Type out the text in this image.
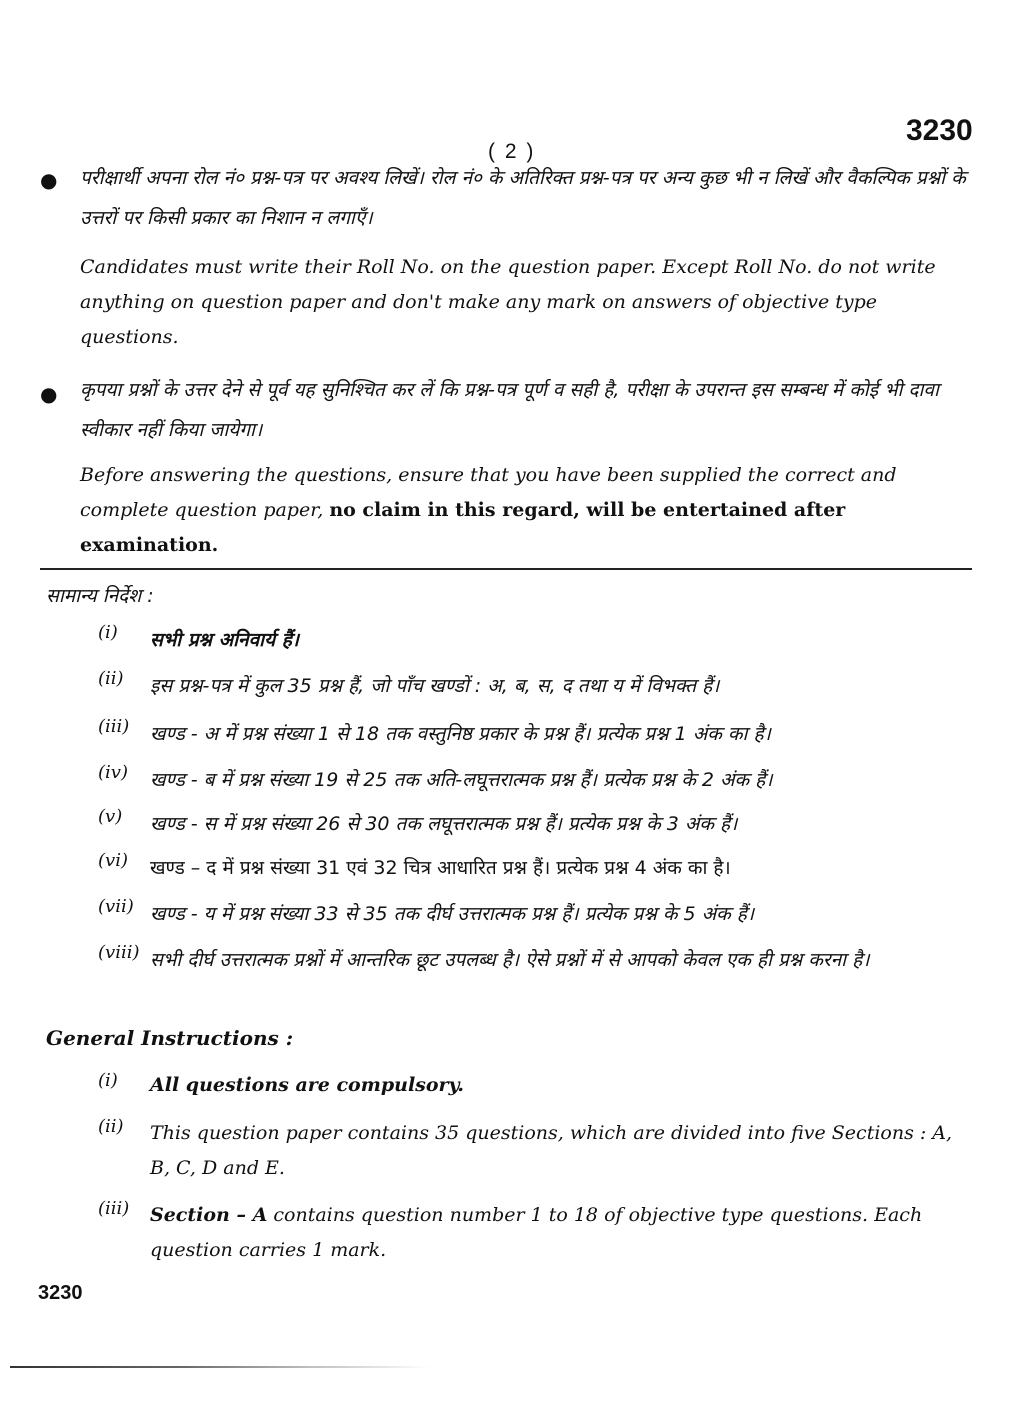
( 2 )
3230
● परीक्षार्थी अपना रोल नं० प्रश्न-पत्र पर अवश्य लिखें। रोल नं० के अतिरिक्त प्रश्न-पत्र पर अन्य कुछ भी न लिखें और वैकल्पिक प्रश्नों के उत्तरों पर किसी प्रकार का निशान न लगाएँ।
Candidates must write their Roll No. on the question paper. Except Roll No. do not write anything on question paper and don't make any mark on answers of objective type questions.
● कृपया प्रश्नों के उत्तर देने से पूर्व यह सुनिश्चित कर लें कि प्रश्न-पत्र पूर्ण व सही है, परीक्षा के उपरान्त इस सम्बन्ध में कोई भी दावा स्वीकार नहीं किया जायेगा।
Before answering the questions, ensure that you have been supplied the correct and complete question paper, no claim in this regard, will be entertained after examination.
सामान्य निर्देश :
(i)	सभी प्रश्न अनिवार्य हैं।
(ii)	इस प्रश्न-पत्र में कुल 35 प्रश्न हैं, जो पाँच खण्डों : अ, ब, स, द तथा य में विभक्त हैं।
(iii)	खण्ड - अ में प्रश्न संख्या 1 से 18 तक वस्तुनिष्ठ प्रकार के प्रश्न हैं। प्रत्येक प्रश्न 1 अंक का है।
(iv)	खण्ड - ब में प्रश्न संख्या 19 से 25 तक अति-लघूत्तरात्मक प्रश्न हैं। प्रत्येक प्रश्न के 2 अंक हैं।
(v)	खण्ड - स में प्रश्न संख्या 26 से 30 तक लघूत्तरात्मक प्रश्न हैं। प्रत्येक प्रश्न के 3 अंक हैं।
(vi)	खण्ड – द में प्रश्न संख्या 31 एवं 32 चित्र आधारित प्रश्न हैं। प्रत्येक प्रश्न 4 अंक का है।
(vii) खण्ड - य में प्रश्न संख्या 33 से 35 तक दीर्घ उत्तरात्मक प्रश्न हैं। प्रत्येक प्रश्न के 5 अंक हैं।
(viii) सभी दीर्घ उत्तरात्मक प्रश्नों में आन्तरिक छूट उपलब्ध है। ऐसे प्रश्नों में से आपको केवल एक ही प्रश्न करना है।
General Instructions :
(i)	All questions are compulsory.
(ii)	This question paper contains 35 questions, which are divided into five Sections : A, B, C, D and E.
(iii)	Section – A contains question number 1 to 18 of objective type questions. Each question carries 1 mark.
3230
